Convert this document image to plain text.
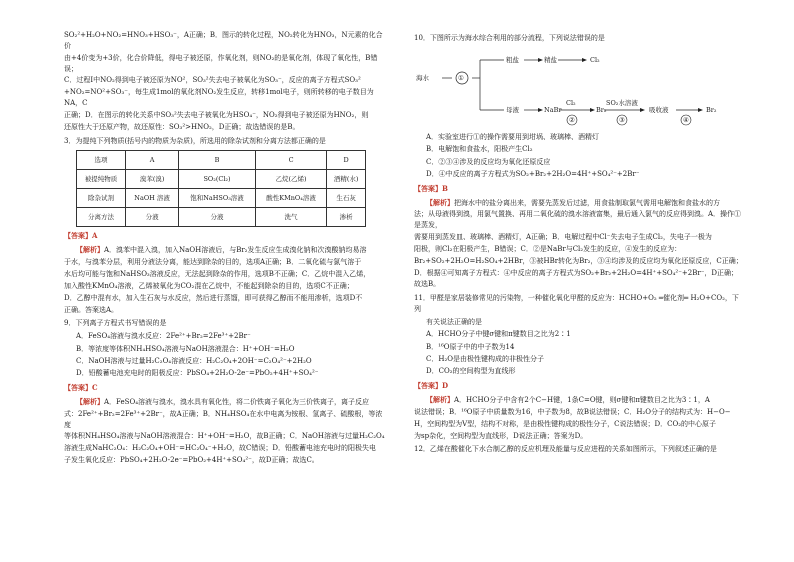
SO₂²+H₂O+NO₂=HNO₃+HSO₃⁻，A正确；B．图示的转化过程，NO₂转化为HNO₃，N元素的化合价

由+4价变为+3价，化合价降低，得电子被还原，作氧化剂，则NO₂的是氧化剂，体现了氧化性，B错误；

C．过程Ⅰ中NO₂得到电子被还原为NO²，SO₃²失去电子被氧化为SO₃⁻，反应的离子方程式SO₃²

+NO₂=NO²+SO₃⁻，每生成1mol的氧化剂NO₂发生反应，转移1mol电子，则所转移的电子数目为NA，C

正确；D．在图示的转化关系中SO₃²失去电子被氧化为HSO₄⁻，NO₂得到电子被还原为HNO₂，则

还原性大于还原产物，故还原性：SO₃²>HNO₂，D正确；故选错误的是B。

3．为提纯下列物质(括号内的物质为杂质)，所选用的除杂试剂和分离方法都正确的是

选项	A	B	C	D
被提纯物质	溴苯(溴)	SO₂(Cl₂)	乙烷(乙烯)	酒精(水)
除杂试剂	NaOH 溶液	饱和NaHSO₃溶液	酸性KMnO₄溶液	生石灰
分离方法	分液	分液	洗气	渗析

【答案】A

【解析】A．溴苯中混入溴，加入NaOH溶液后，与Br₂发生反应生成溴化钠和次溴酸钠均易溶

于水，与溴苯分层，利用分液法分离，能达到除杂的目的，选项A正确；B．二氧化硫与氯气溶于

水后均可能与饱和NaHSO₃溶液反应，无法起到除杂的作用，选项B不正确；C．乙烷中混入乙烯，

加入酸性KMnO₄溶液，乙烯被氧化为CO₂混在乙烷中，不能起到除杂的目的，选项C不正确；

D．乙醇中混有水，加入生石灰与水反应，然后进行蒸馏，即可获得乙醇而不能用渗析，选项D不

正确。答案选A。

9．下列离子方程式书写错误的是

A．FeSO₄溶液与溴水反应：2Fe²⁺+Br₂=2Fe³⁺+2Br⁻

B．等浓度等体积NH₄HSO₄溶液与NaOH溶液混合：H⁺+OH⁻=H₂O

C．NaOH溶液与过量H₂C₂O₄溶液反应：H₂C₂O₄+2OH⁻=C₂O₄²⁻+2H₂O

D．铅酸蓄电池充电时的阳极反应：PbSO₄+2H₂O-2e⁻=PbO₂+4H⁺+SO₄²⁻

【答案】C

【解析】A．FeSO₄溶液与溴水，溴水具有氧化性，将二价铁离子氧化为三价铁离子，离子反应

式：2Fe²⁺+Br₂=2Fe³⁺+2Br⁻，故A正确；B．NH₄HSO₄在水中电离为铵根、氢离子、硫酸根，等浓度

等体积NH₄HSO₄溶液与NaOH溶液混合：H⁺+OH⁻=H₂O，故B正确；C．NaOH溶液与过量H₂C₂O₄

溶液生成NaHC₂O₄：H₂C₂O₄+OH⁻=HC₂O₄⁻+H₂O，故C错误；D．铅酸蓄电池充电时的阳极失电

子发生氧化反应：PbSO₄+2H₂O-2e⁻=PbO₂+4H⁺+SO₄²⁻，故D正确；故选C。

10．下图所示为海水综合利用的部分流程，下列说法错误的是

海水	①
粗盐	精盐	Cl₂
母液	NaBr
Cl₂
②
Br₂
SO₂水溶液
③
吸收液
④
Br₂

A．实验室进行①的操作需要用到坩埚、玻璃棒、酒精灯

B．电解饱和食盐水，阳极产生Cl₂

C．②③④涉及的反应均为氧化还原反应

D．④中反应的离子方程式为SO₂+Br₂+2H₂O=4H⁺+SO₄²⁻+2Br⁻

【答案】B

【解析】把海水中的盐分离出来，需要先蒸发后过滤，用食盐制取氯气需用电解饱和食盐水的方

法；从母液得到溴，用氯气置换、再用二氧化硫的溴水溶液富集，最后通入氯气的反应得到溴。A．操作①是蒸发，

需要用到蒸发皿、玻璃棒、酒精灯，A正确；B．电解过程中Cl⁻失去电子生成Cl₂，失电子一极为

阳极，则Cl₂在阳极产生，B错误；C．②是NaBr与Cl₂发生的反应，④发生的反应为：

Br₂+SO₂+2H₂O=H₂SO₄+2HBr，③被HBr转化为Br₂，③④均涉及的反应均为氧化还原反应，C正确；

D．根据④可知离子方程式：④中反应的离子方程式为SO₂+Br₂+2H₂O=4H⁺+SO₄²⁻+2Br⁻，D正确；

故选B。

11．甲醛是家居装修常见的污染物，一种催化氧化甲醛的反应为：HCHO+O₂ ═催化剂═ H₂O+CO₂，下列

有关说法正确的是

A．HCHO分子中键σ键和π键数目之比为2∶1

B．¹⁶O原子中的中子数为14

C．H₂O是由极性键构成的非极性分子

D．CO₂的空间构型为直线形

【答案】D

【解析】A．HCHO分子中含有2个C−H键，1条C=O键，则σ键和π键数目之比为3∶1，A

说法错误；B．¹⁶O原子中质量数为16，中子数为8，故B说法错误；C．H₂O分子的结构式为：H−O−

H，空间构型为V型，结构不对称，是由极性键构成的极性分子，C说法错误；D．CO₂的中心原子

为sp杂化，空间构型为直线形，D说法正确；答案为D。

12．乙烯在酸催化下水合制乙醇的反应机理及能量与反应进程的关系如图所示，下列叙述正确的是
